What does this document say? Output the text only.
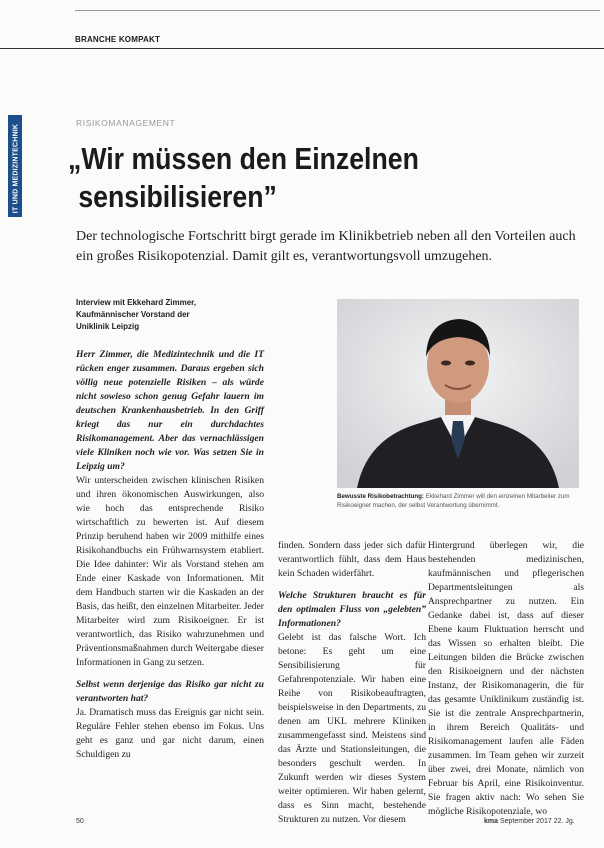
BRANCHE KOMPAKT
IT UND MEDIZINTECHNIK
RISIKOMANAGEMENT
„Wir müssen den Einzelnen
sensibilisieren”
Der technologische Fortschritt birgt gerade im Klinikbetrieb neben all den Vorteilen auch ein großes Risikopotenzial. Damit gilt es, verantwortungsvoll umzugehen.
Interview mit Ekkehard Zimmer,
Kaufmännischer Vorstand der
Uniklinik Leipzig
Herr Zimmer, die Medizintechnik und die IT rücken enger zusammen. Daraus ergeben sich völlig neue potenzielle Risiken – als würde nicht sowieso schon genug Gefahr lauern im deutschen Krankenhausbetrieb. In den Griff kriegt das nur ein durchdachtes Risikomanagement. Aber das vernachlässigen viele Kliniken noch wie vor. Was setzen Sie in Leipzig um?
Wir unterscheiden zwischen klinischen Risiken und ihren ökonomischen Auswirkungen, also wie hoch das entsprechende Risiko wirtschaftlich zu bewerten ist. Auf diesem Prinzip beruhend haben wir 2009 mithilfe eines Risikohandbuchs ein Frühwarnsystem etabliert. Die Idee dahinter: Wir als Vorstand stehen am Ende einer Kaskade von Informationen. Mit dem Handbuch starten wir die Kaskaden an der Basis, das heißt, den einzelnen Mitarbeiter. Jeder Mitarbeiter wird zum Risikoeigner. Er ist verantwortlich, das Risiko wahrzunehmen und Präventionsmaßnahmen durch Weitergabe dieser Informationen in Gang zu setzen.
Selbst wenn derjenige das Risiko gar nicht zu verantworten hat?
Ja. Dramatisch muss das Ereignis gar nicht sein. Reguläre Fehler stehen ebenso im Fokus. Uns geht es ganz und gar nicht darum, einen Schuldigen zu
Bewusste Risikobetrachtung: Ekkehard Zimmer will den einzelnen Mitarbeiter zum Risikoeigner machen, der selbst Verantwortung übernimmt.
finden. Sondern dass jeder sich dafür verantwortlich fühlt, dass dem Haus kein Schaden widerfährt.
Welche Strukturen braucht es für den optimalen Fluss von „gelebten” Informationen?
Gelebt ist das falsche Wort. Ich betone: Es geht um eine Sensibilisierung für Gefahrenpotenziale. Wir haben eine Reihe von Risikobeauftragten, beispielsweise in den Departments, zu denen am UKL mehrere Kliniken zusammengefasst sind. Meistens sind das Ärzte und Stationsleitungen, die besonders geschult werden. In Zukunft werden wir dieses System weiter optimieren. Wir haben gelernt, dass es Sinn macht, bestehende Strukturen zu nutzen. Vor diesem
Hintergrund überlegen wir, die bestehenden medizinischen, kaufmännischen und pflegerischen Departmentsleitungen als Ansprechpartner zu nutzen. Ein Gedanke dabei ist, dass auf dieser Ebene kaum Fluktuation herrscht und das Wissen so erhalten bleibt. Die Leitungen bilden die Brücke zwischen den Risikoeignern und der nächsten Instanz, der Risikomanagerin, die für das gesamte Uniklinikum zuständig ist. Sie ist die zentrale Ansprechpartnerin, in ihrem Bereich Qualitäts- und Risikomanagement laufen alle Fäden zusammen. Im Team gehen wir zurzeit über zwei, drei Monate, nämlich von Februar bis April, eine Risikoinventur. Sie fragen aktiv nach: Wo sehen Sie mögliche Risikopotenziale, wo
50	kma September 2017 22. Jg.
